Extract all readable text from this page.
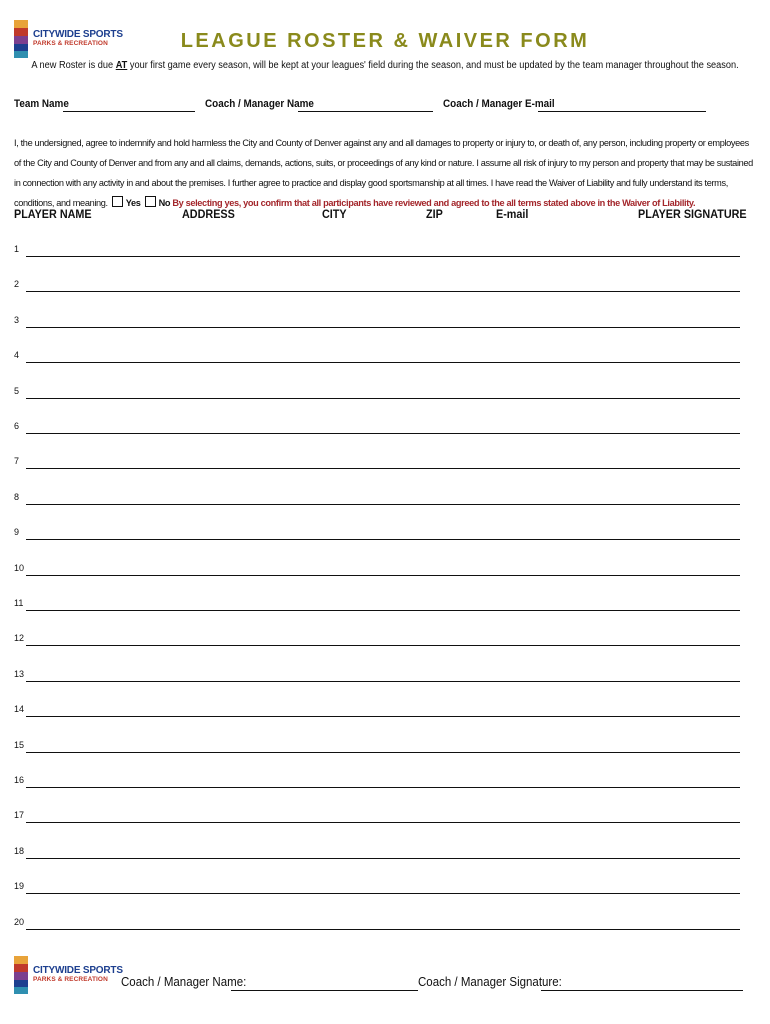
CITYWIDE SPORTS
PARKS & RECREATION	LEAGUE ROSTER & WAIVER FORM
A new Roster is due AT your first game every season, will be kept at your leagues' field during the season, and must be updated by the team manager throughout the season.
Team Name	Coach / Manager Name	Coach / Manager E-mail
I, the undersigned, agree to indemnify and hold harmless the City and County of Denver against any and all damages to property or injury to, or death of, any person, including property or employees of the City and County of Denver and from any and all claims, demands, actions, suits, or proceedings of any kind or nature. I assume all risk of injury to my person and property that may be sustained in connection with any activity in and about the premises. I further agree to practice and display good sportsmanship at all times. I have read the Waiver of Liability and fully understand its terms, conditions, and meaning. Yes No By selecting yes, you confirm that all participants have reviewed and agreed to the all terms stated above in the Waiver of Liability.
PLAYER NAME	ADDRESS	CITY	ZIP	E-mail	PLAYER SIGNATURE
1
2
3
4
5
6
7
8
9
10
11
12
13
14
15
16
17
18
19
20
CITYWIDE SPORTS
PARKS & RECREATION	Coach / Manager Name:	Coach / Manager Signature:
